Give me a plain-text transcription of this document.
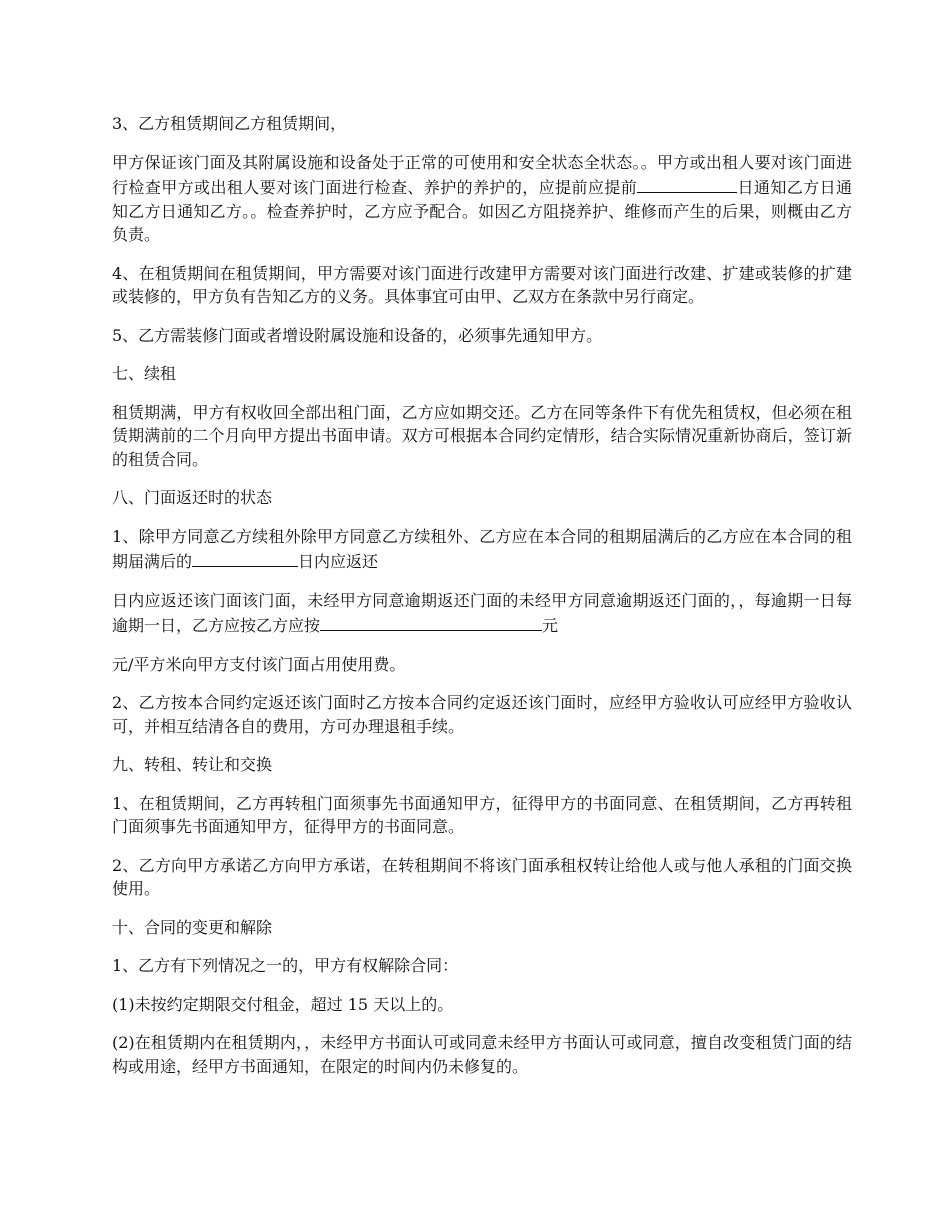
3、乙方租赁期间乙方租赁期间，

甲方保证该门面及其附属设施和设备处于正常的可使用和安全状态全状态。。甲方或出租人要对该门面进行检查甲方或出租人要对该门面进行检查、养护的养护的，应提前应提前	日通知乙方日通知乙方日通知乙方。。检查养护时，乙方应予配合。如因乙方阻挠养护、维修而产生的后果，则概由乙方负责。

4、在租赁期间在租赁期间，甲方需要对该门面进行改建甲方需要对该门面进行改建、扩建或装修的扩建或装修的，甲方负有告知乙方的义务。具体事宜可由甲、乙双方在条款中另行商定。

5、乙方需装修门面或者增设附属设施和设备的，必须事先通知甲方。

七、续租

租赁期满，甲方有权收回全部出租门面，乙方应如期交还。乙方在同等条件下有优先租赁权，但必须在租赁期满前的二个月向甲方提出书面申请。双方可根据本合同约定情形，结合实际情况重新协商后，签订新的租赁合同。

八、门面返还时的状态

1、除甲方同意乙方续租外除甲方同意乙方续租外、乙方应在本合同的租期届满后的乙方应在本合同的租期届满后的	日内应返还

日内应返还该门面该门面，未经甲方同意逾期返还门面的未经甲方同意逾期返还门面的，，每逾期一日每逾期一日，乙方应按乙方应按	元

元/平方米向甲方支付该门面占用使用费。

2、乙方按本合同约定返还该门面时乙方按本合同约定返还该门面时，应经甲方验收认可应经甲方验收认可，并相互结清各自的费用，方可办理退租手续。

九、转租、转让和交换

1、在租赁期间，乙方再转租门面须事先书面通知甲方，征得甲方的书面同意、在租赁期间，乙方再转租门面须事先书面通知甲方，征得甲方的书面同意。

2、乙方向甲方承诺乙方向甲方承诺，在转租期间不将该门面承租权转让给他人或与他人承租的门面交换使用。

十、合同的变更和解除

1、乙方有下列情况之一的，甲方有权解除合同：

(1)未按约定期限交付租金，超过 15 天以上的。

(2)在租赁期内在租赁期内，，未经甲方书面认可或同意未经甲方书面认可或同意，擅自改变租赁门面的结构或用途，经甲方书面通知，在限定的时间内仍未修复的。
